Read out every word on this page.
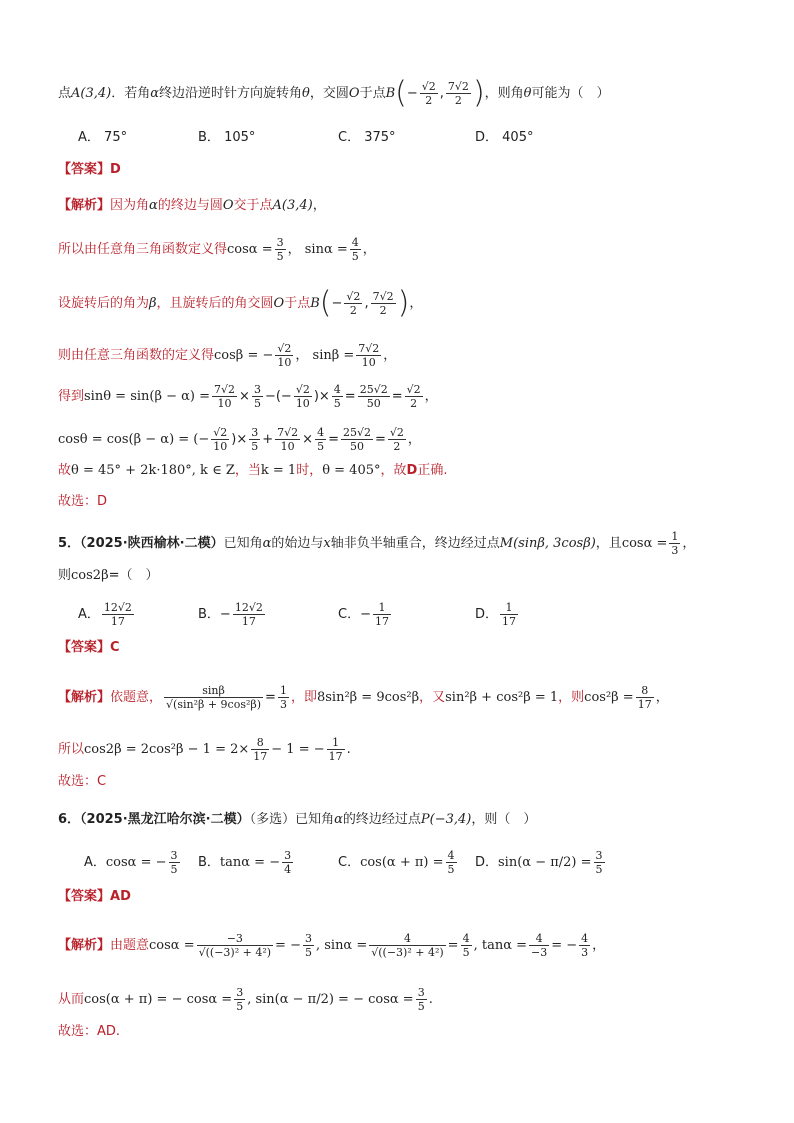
点A(3,4)．若角α终边沿逆时针方向旋转角θ，交圆O于点$B(- \frac{√2}{2}$ , $\frac{7√2}{2}$ )，则角θ可能为（　）
A． 75°	B． 105°	C． 375°	D． 405°
【答案】D
【解析】因为角α的终边与圆O交于点A(3,4)，
所以由任意角三角函数定义得$\cos\alpha = \frac{3}{5}$ ， $\sin\alpha = \frac{4}{5}$ ，
设旋转后的角为β，且旋转后的角交圆O于点$B(- \frac{√2}{2}$ , $\frac{7√2}{2}$ )，
则由任意三角函数的定义得cosβ = − $\frac{√2}{10}$ ， $\sin\beta = \frac{7√2}{10}$ ，
得到$\sin\theta = \sin(\beta - \alpha) = \frac{7√2}{10} \times \frac{3}{5}$ −(− $\frac{√2}{10}$ )× $\frac{4}{5} = \frac{25√2}{50} = \frac{√2}{2}$ ，
cosθ = cos(β − α) = (− $\frac{√2}{10}$ )× $\frac{3}{5} + \frac{7√2}{10} \times \frac{4}{5} = \frac{25√2}{50} = \frac{√2}{2}$ ，
故θ = 45° + 2k·180°, k ∈ Z，当k = 1时，θ = 405°，故D正确.
故选：D
5．（2025·陕西榆林·二模）已知角α的始边与x轴非负半轴重合，终边经过点M(sinβ, 3cosβ)，且$\cos\alpha = \frac{1}{3}$ ，
则cos2β=（　）
A． $\frac{12√2}{17}$	B．− $\frac{12√2}{17}$	C．− $\frac{1}{17}$	D． $\frac{1}{17}$
【答案】C
【解析】依题意， $\frac{\sin\beta}{\text{√(sin²β + 9cos²β)}} = \frac{1}{3}$ ，即8sin²β = 9cos²β，又sin²β + cos²β = 1，则$\cos^2\beta = \frac{8}{17}$ ，
所以$\cos 2\beta = 2\cos^2\beta - 1 = 2\times \frac{8}{17} - 1$ = − $\frac{1}{17}$ .
故选：C
6．（2025·黑龙江哈尔滨·二模）（多选）已知角α的终边经过点P(−3,4)，则（　）
A．cosα = − $\frac{3}{5}$ B．tanα = − $\frac{3}{4}$	C．$\cos(\alpha + \pi) = \frac{4}{5}$ D．$\sin(\alpha - \pi/2) = \frac{3}{5}$
【答案】AD
【解析】由题意$\cos\alpha = \frac{-3}{\text{√((−3)² + 4²)}}$ = − $\frac{3}{5}$ , $\sin\alpha = \frac{4}{\text{√((−3)² + 4²)}} = \frac{4}{5}$ , $\tan\alpha = \frac{4}{-3}$ = − $\frac{4}{3}$ ，
从而cos(α + π) = − $\cos\alpha = \frac{3}{5}$ , sin(α − π/2) = − $\cos\alpha = \frac{3}{5}$ .
故选：AD.
